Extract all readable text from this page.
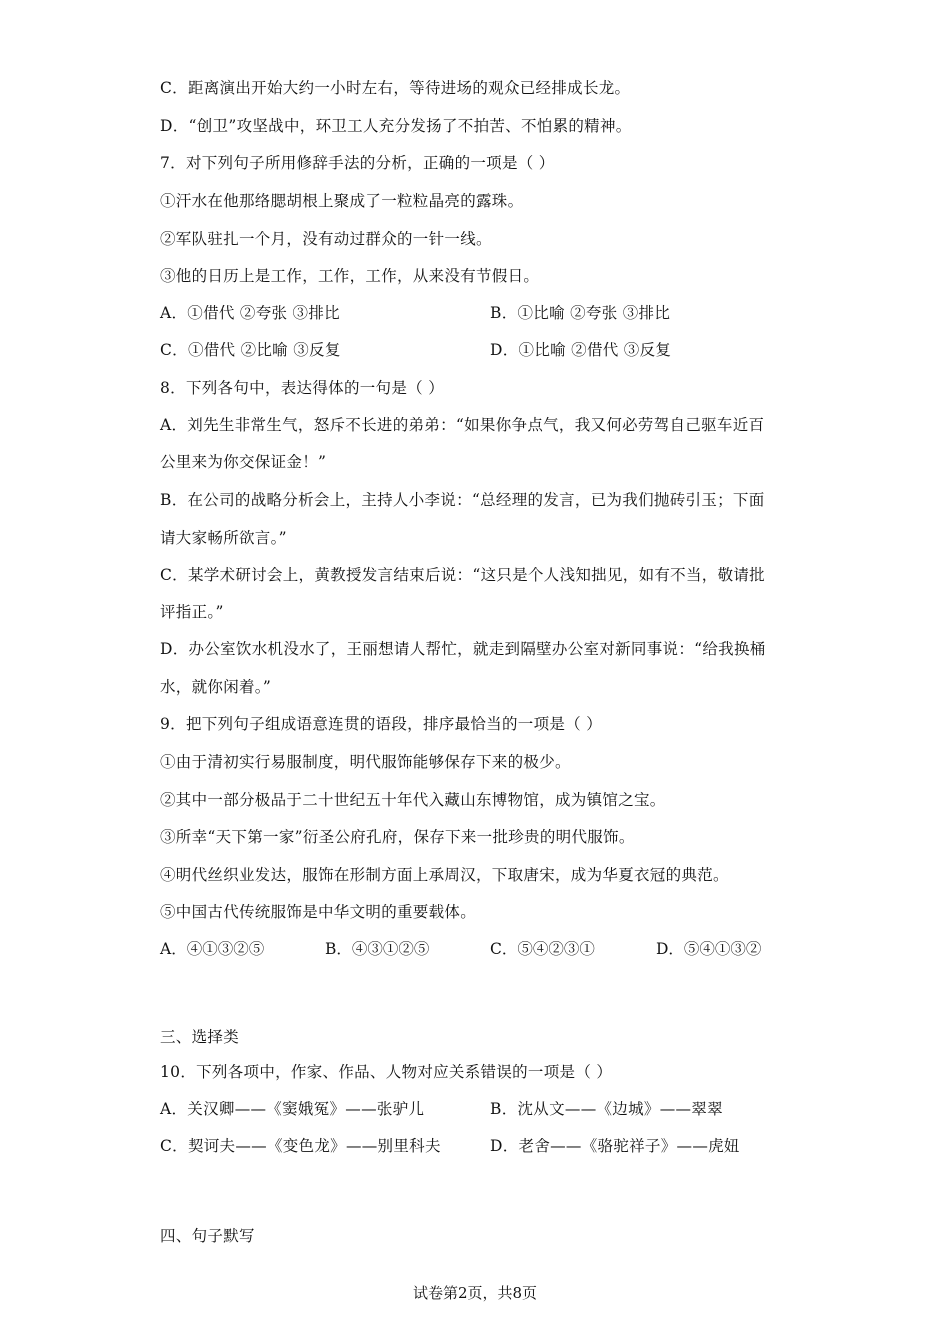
C．距离演出开始大约一小时左右，等待进场的观众已经排成长龙。
D．“创卫”攻坚战中，环卫工人充分发扬了不拍苦、不怕累的精神。
7．对下列句子所用修辞手法的分析，正确的一项是（ ）
①汗水在他那络腮胡根上聚成了一粒粒晶亮的露珠。
②军队驻扎一个月，没有动过群众的一针一线。
③他的日历上是工作，工作，工作，从来没有节假日。
A．①借代 ②夸张 ③排比	B．①比喻 ②夸张 ③排比
C．①借代 ②比喻 ③反复	D．①比喻 ②借代 ③反复
8．下列各句中，表达得体的一句是（ ）
A．刘先生非常生气，怒斥不长进的弟弟：“如果你争点气，我又何必劳驾自己驱车近百
公里来为你交保证金！”
B．在公司的战略分析会上，主持人小李说：“总经理的发言，已为我们抛砖引玉；下面
请大家畅所欲言。”
C．某学术研讨会上，黄教授发言结束后说：“这只是个人浅知拙见，如有不当，敬请批
评指正。”
D．办公室饮水机没水了，王丽想请人帮忙，就走到隔壁办公室对新同事说：“给我换桶
水，就你闲着。”
9．把下列句子组成语意连贯的语段，排序最恰当的一项是（ ）
①由于清初实行易服制度，明代服饰能够保存下来的极少。
②其中一部分极品于二十世纪五十年代入藏山东博物馆，成为镇馆之宝。
③所幸“天下第一家”衍圣公府孔府，保存下来一批珍贵的明代服饰。
④明代丝织业发达，服饰在形制方面上承周汉，下取唐宋，成为华夏衣冠的典范。
⑤中国古代传统服饰是中华文明的重要载体。
A．④①③②⑤	B．④③①②⑤	C．⑤④②③①	D．⑤④①③②
三、选择类
10．下列各项中，作家、作品、人物对应关系错误的一项是（ ）
A．关汉卿——《窦娥冤》——张驴儿	B．沈从文——《边城》——翠翠
C．契诃夫——《变色龙》——别里科夫	D．老舍——《骆驼祥子》——虎妞
四、句子默写
试卷第2页，共8页
